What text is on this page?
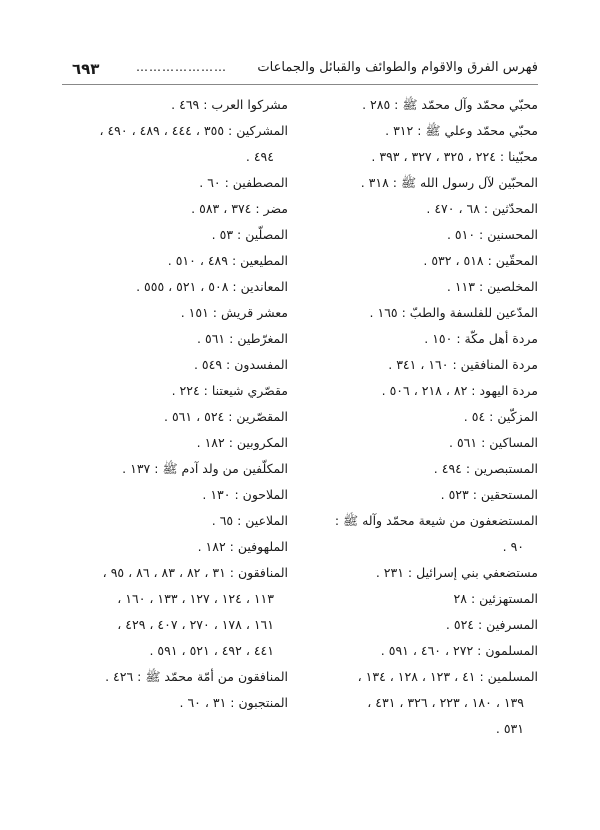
٦٩٣	………………… فهرس الفرق والاقوام والطوائف والقبائل والجماعات

محبّي محمّد وآل محمّد ﷺ : ٢٨٥ .

محبّي محمّد وعلي ﷺ : ٣١٢ .

محبّينا : ٢٢٤ ، ٣٢٥ ، ٣٢٧ ، ٣٩٣ .

المحبّين لآل رسول الله ﷺ : ٣١٨ .

المحدّثين : ٦٨ ، ٤٧٠ .

المحسنين : ٥١٠ .

المحقّين : ٥١٨ ، ٥٣٢ .

المخلصين : ١١٣ .

المدّعين للفلسفة والطبّ : ١٦٥ .

مردة أهل مكّة : ١٥٠ .

مردة المنافقين : ١٦٠ ، ٣٤١ .

مردة اليهود : ٨٢ ، ٢١٨ ، ٥٠٦ .

المزكّين : ٥٤ .

المساكين : ٥٦١ .

المستبصرين : ٤٩٤ .

المستحقين : ٥٢٣ .

المستضعفون من شيعة محمّد وآله ﷺ :

٩٠ .

مستضعفي بني إسرائيل : ٢٣١ .

المستهزئين : ٢٨

المسرفين : ٥٢٤ .

المسلمون : ٢٧٢ ، ٤٦٠ ، ٥٩١ .

المسلمين : ٤١ ، ١٢٣ ، ١٢٨ ، ١٣٤ ،

١٣٩ ، ١٨٠ ، ٢٢٣ ، ٣٢٦ ، ٤٣١ ،

٥٣١ .

مشركوا العرب : ٤٦٩ .

المشركين : ٣٥٥ ، ٤٤٤ ، ٤٨٩ ، ٤٩٠ ،

٤٩٤ .

المصطفين : ٦٠ .

مضر : ٣٧٤ ، ٥٨٣ .

المصلّين : ٥٣ .

المطيعين : ٤٨٩ ، ٥١٠ .

المعاندين : ٥٠٨ ، ٥٢١ ، ٥٥٥ .

معشر قريش : ١٥١ .

المغرّطين : ٥٦١ .

المفسدون : ٥٤٩ .

مقصّري شيعتنا : ٢٢٤ .

المقصّرين : ٥٢٤ ، ٥٦١ .

المكروبين : ١٨٢ .

المكلّفين من ولد آدم ﷺ : ١٣٧ .

الملاحون : ١٣٠ .

الملاعين : ٦٥ .

الملهوفين : ١٨٢ .

المنافقون : ٣١ ، ٨٢ ، ٨٣ ، ٨٦ ، ٩٥ ،

١١٣ ، ١٢٤ ، ١٢٧ ، ١٣٣ ، ١٦٠ ،

١٦١ ، ١٧٨ ، ٢٧٠ ، ٤٠٧ ، ٤٢٩ ،

٤٤١ ، ٤٩٢ ، ٥٢١ ، ٥٩١ .

المنافقون من أمّة محمّد ﷺ : ٤٢٦ .

المنتجبون : ٣١ ، ٦٠ .
